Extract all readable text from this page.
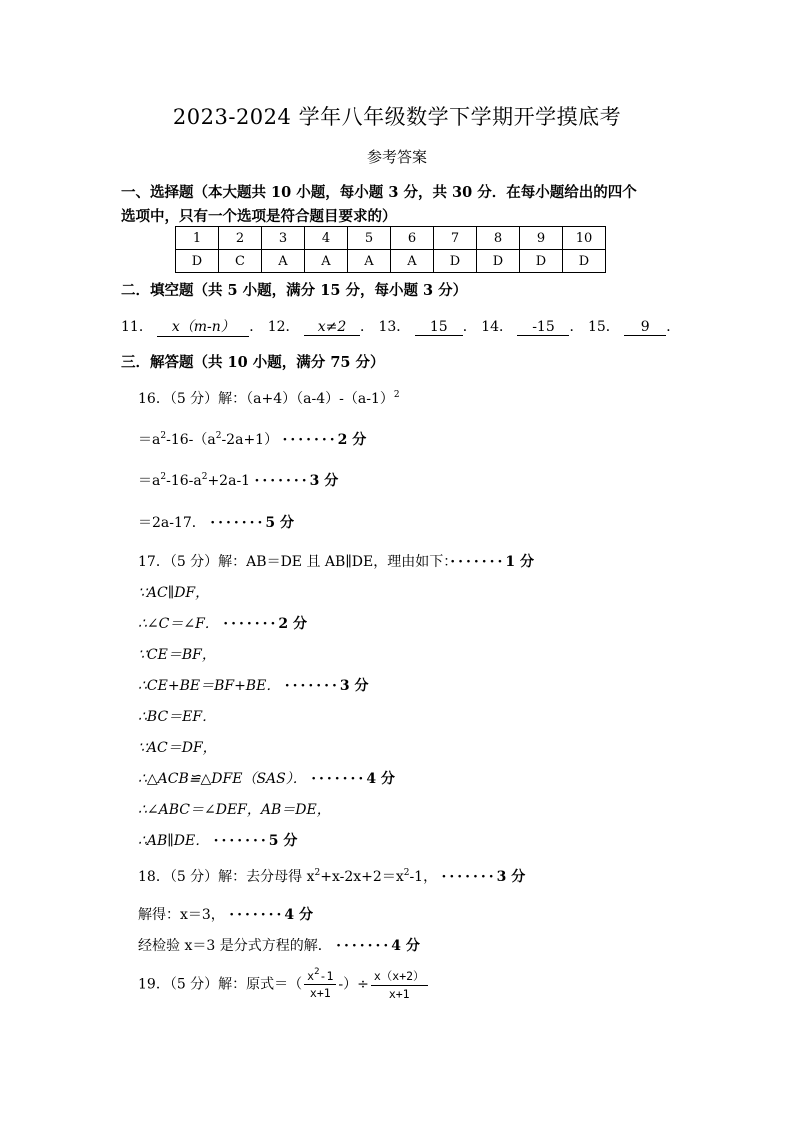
2023-2024 学年八年级数学下学期开学摸底考
参考答案
一、选择题（本大题共 10 小题，每小题 3 分，共 30 分．在每小题给出的四个
选项中，只有一个选项是符合题目要求的）
1	2	3	4	5	6	7	8	9	10
D	C	A	A	A	A	D	D	D	D
二．填空题（共 5 小题，满分 15 分，每小题 3 分）
11． x（m-n） ． 12． x≠2 ． 13． 15 ． 14． -15 ． 15． 9 ．
三．解答题（共 10 小题，满分 75 分）
16．（5 分）解：$(a+4)(a-4)-(a-1)^2$
$=a^2-16-(a^2-2a+1) \cdot\cdot\cdot\cdot\cdot\cdot\cdot 2$ 分
$=a^2-16-a^2+2a-1 \cdot\cdot\cdot\cdot\cdot\cdot\cdot 3$ 分
＝2a-17． ·······5 分
17．（5 分）解：AB＝DE 且 AB∥DE，理由如下：·······1 分
∵AC∥DF，
∴∠C＝∠F． ·······2 分
∵CE＝BF，
∴CE+BE＝BF+BE． ·······3 分
∴BC＝EF．
∵AC＝DF，
∴△ACB≌△DFE（SAS）． ·······4 分
∴∠ABC＝∠DEF，AB＝DE，
∴AB∥DE． ·······5 分
18．（5 分）解：去分母得 $x^2+x-2x+2=x^2-1$， ·······3 分
解得：x＝3， ·······4 分
经检验 x＝3 是分式方程的解． ·······4 分
19．（5 分）解：原式＝（ $\frac{x^2-1}{x+1}$ -）÷ $\frac{x(x+2)}{x+1}$
